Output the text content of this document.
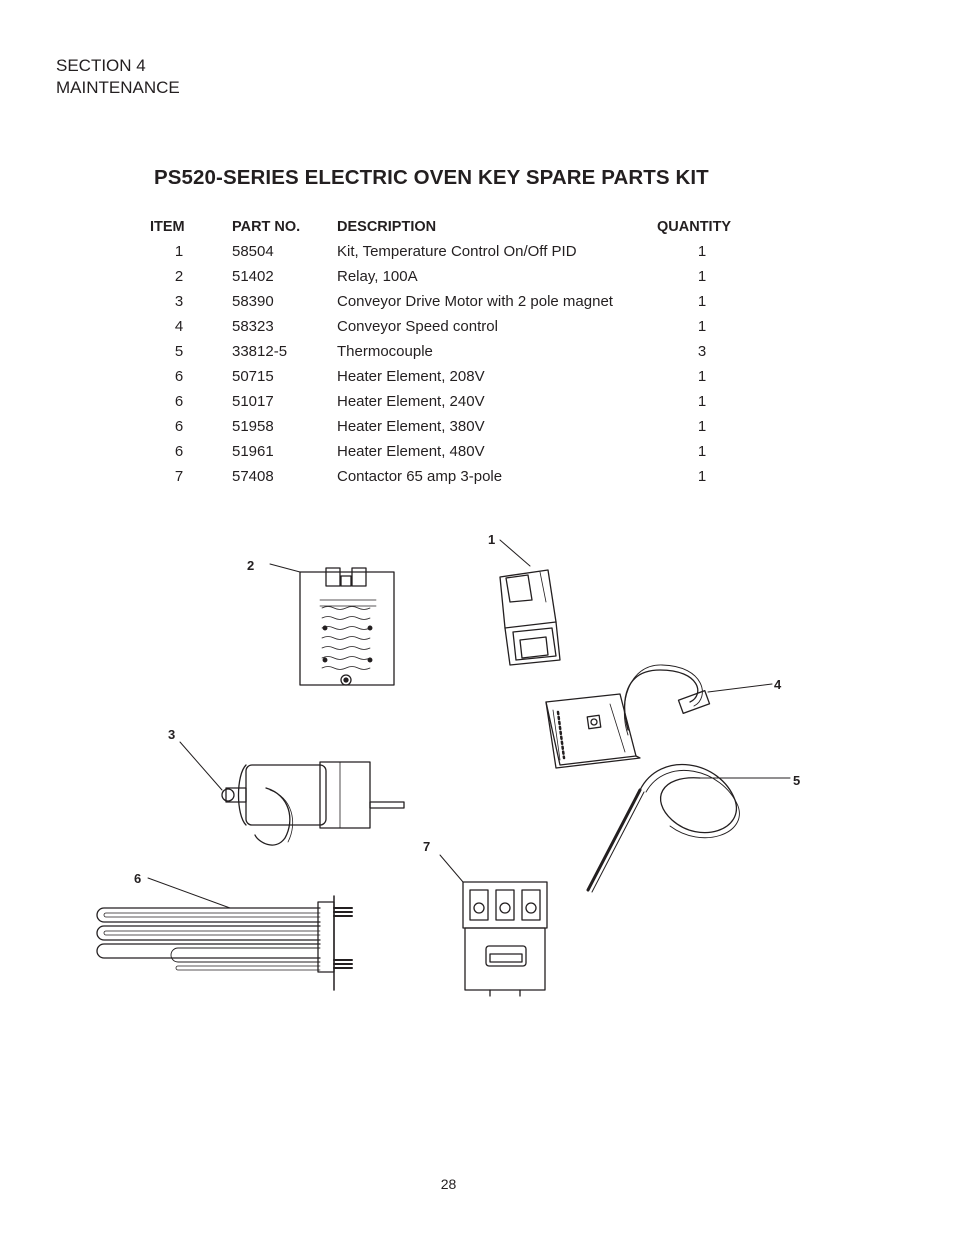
SECTION 4
MAINTENANCE
PS520-SERIES ELECTRIC OVEN KEY SPARE PARTS KIT
ITEM	PART NO.	DESCRIPTION	QUANTITY
1	58504	Kit, Temperature Control On/Off PID	1
2	51402	Relay, 100A	1
3	58390	Conveyor Drive Motor with 2 pole magnet	1
4	58323	Conveyor Speed control	1
5	33812-5	Thermocouple	3
6	50715	Heater Element, 208V	1
6	51017	Heater Element, 240V	1
6	51958	Heater Element, 380V	1
6	51961	Heater Element, 480V	1
7	57408	Contactor 65 amp 3-pole	1
1
2
3
4
5
6
7
28
